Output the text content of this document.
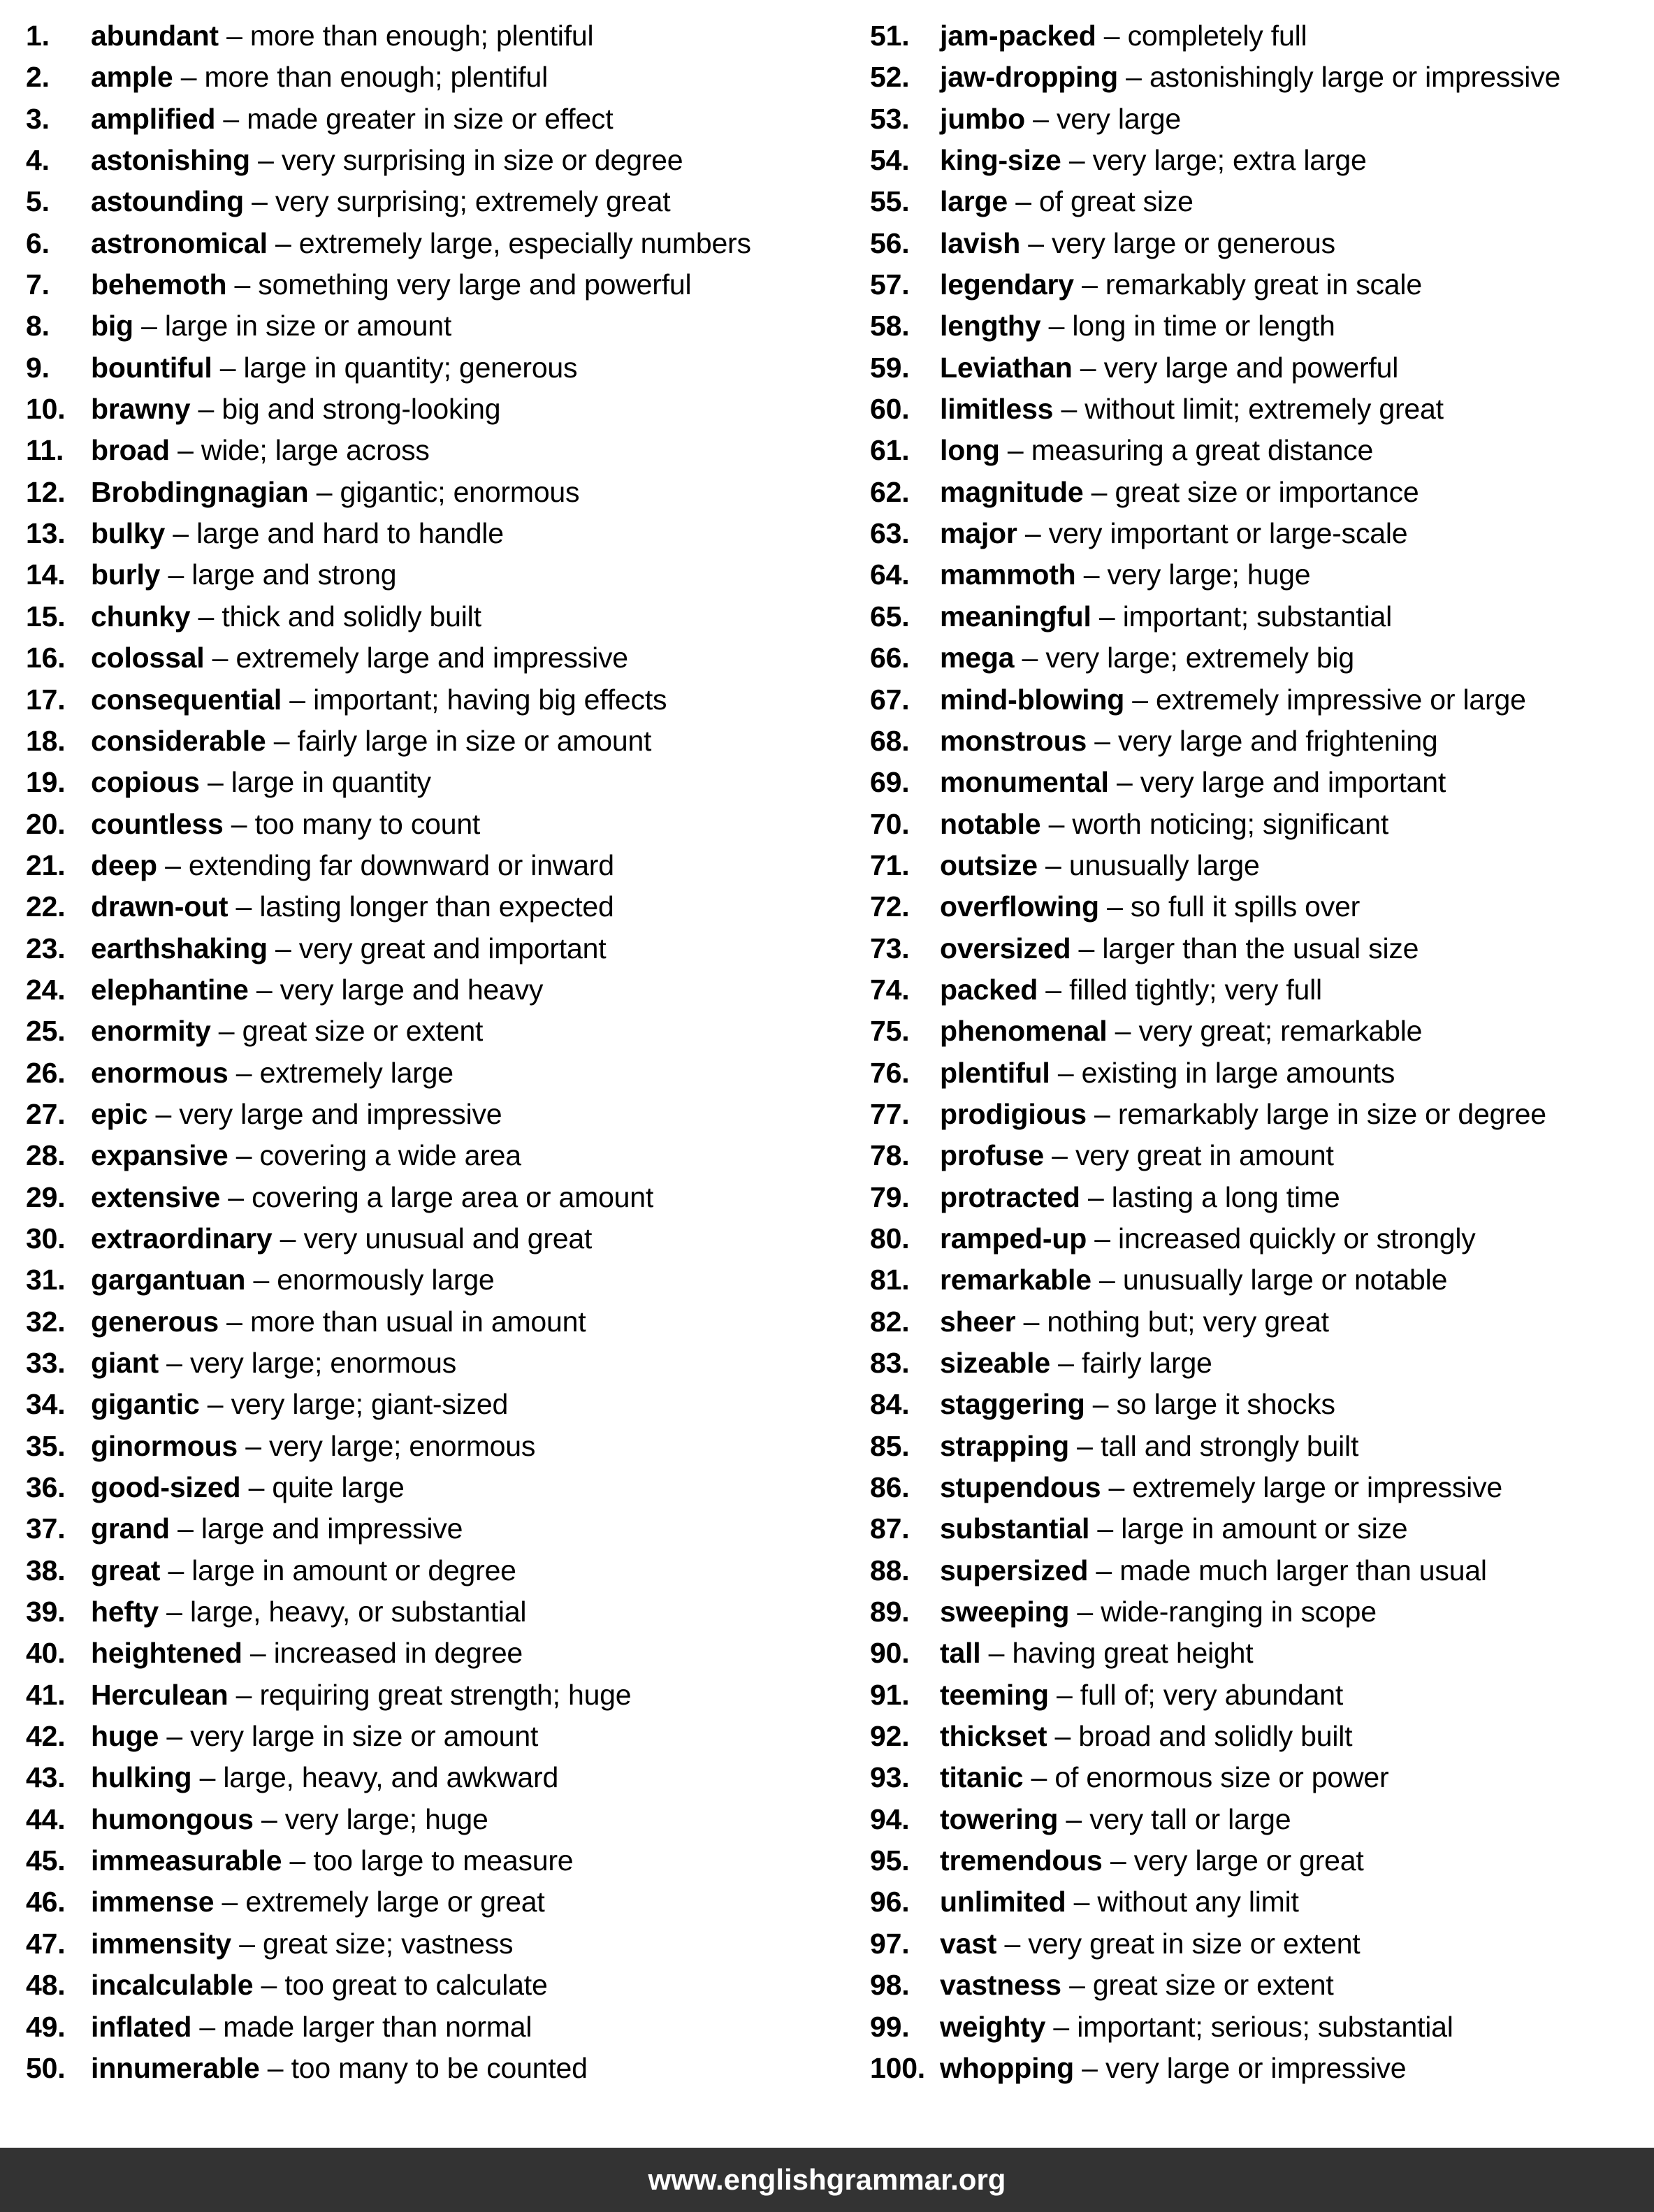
1. abundant – more than enough; plentiful
2. ample – more than enough; plentiful
3. amplified – made greater in size or effect
4. astonishing – very surprising in size or degree
5. astounding – very surprising; extremely great
6. astronomical – extremely large, especially numbers
7. behemoth – something very large and powerful
8. big – large in size or amount
9. bountiful – large in quantity; generous
10. brawny – big and strong-looking
11. broad – wide; large across
12. Brobdingnagian – gigantic; enormous
13. bulky – large and hard to handle
14. burly – large and strong
15. chunky – thick and solidly built
16. colossal – extremely large and impressive
17. consequential – important; having big effects
18. considerable – fairly large in size or amount
19. copious – large in quantity
20. countless – too many to count
21. deep – extending far downward or inward
22. drawn-out – lasting longer than expected
23. earthshaking – very great and important
24. elephantine – very large and heavy
25. enormity – great size or extent
26. enormous – extremely large
27. epic – very large and impressive
28. expansive – covering a wide area
29. extensive – covering a large area or amount
30. extraordinary – very unusual and great
31. gargantuan – enormously large
32. generous – more than usual in amount
33. giant – very large; enormous
34. gigantic – very large; giant-sized
35. ginormous – very large; enormous
36. good-sized – quite large
37. grand – large and impressive
38. great – large in amount or degree
39. hefty – large, heavy, or substantial
40. heightened – increased in degree
41. Herculean – requiring great strength; huge
42. huge – very large in size or amount
43. hulking – large, heavy, and awkward
44. humongous – very large; huge
45. immeasurable – too large to measure
46. immense – extremely large or great
47. immensity – great size; vastness
48. incalculable – too great to calculate
49. inflated – made larger than normal
50. innumerable – too many to be counted
51. jam-packed – completely full
52. jaw-dropping – astonishingly large or impressive
53. jumbo – very large
54. king-size – very large; extra large
55. large – of great size
56. lavish – very large or generous
57. legendary – remarkably great in scale
58. lengthy – long in time or length
59. Leviathan – very large and powerful
60. limitless – without limit; extremely great
61. long – measuring a great distance
62. magnitude – great size or importance
63. major – very important or large-scale
64. mammoth – very large; huge
65. meaningful – important; substantial
66. mega – very large; extremely big
67. mind-blowing – extremely impressive or large
68. monstrous – very large and frightening
69. monumental – very large and important
70. notable – worth noticing; significant
71. outsize – unusually large
72. overflowing – so full it spills over
73. oversized – larger than the usual size
74. packed – filled tightly; very full
75. phenomenal – very great; remarkable
76. plentiful – existing in large amounts
77. prodigious – remarkably large in size or degree
78. profuse – very great in amount
79. protracted – lasting a long time
80. ramped-up – increased quickly or strongly
81. remarkable – unusually large or notable
82. sheer – nothing but; very great
83. sizeable – fairly large
84. staggering – so large it shocks
85. strapping – tall and strongly built
86. stupendous – extremely large or impressive
87. substantial – large in amount or size
88. supersized – made much larger than usual
89. sweeping – wide-ranging in scope
90. tall – having great height
91. teeming – full of; very abundant
92. thickset – broad and solidly built
93. titanic – of enormous size or power
94. towering – very tall or large
95. tremendous – very large or great
96. unlimited – without any limit
97. vast – very great in size or extent
98. vastness – great size or extent
99. weighty – important; serious; substantial
100. whopping – very large or impressive
www.englishgrammar.org
